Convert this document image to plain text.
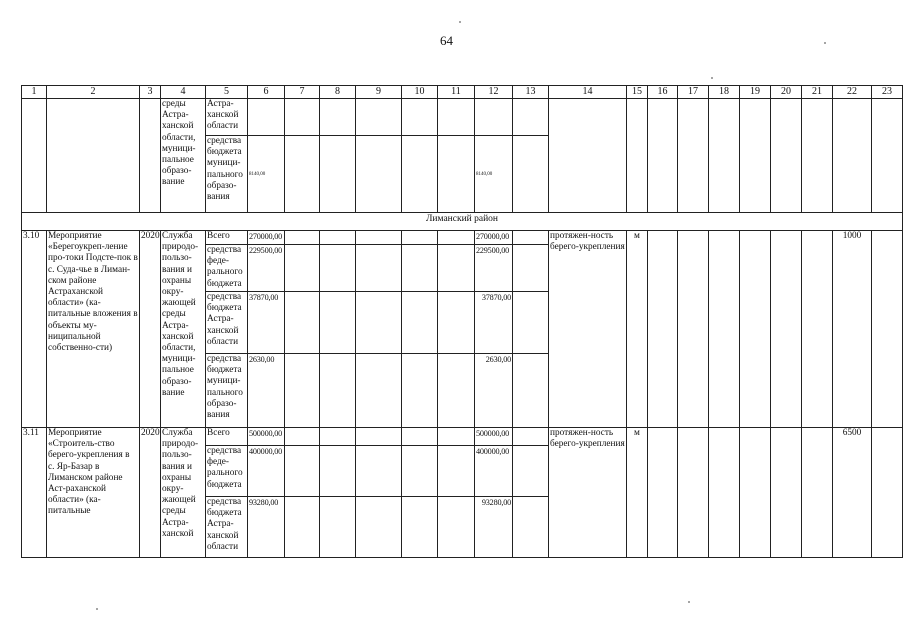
64
1	2	3	4	5	6	7	8	9	10	11	12	13	14	15	16	17	18	19	20	21	22	23
			среды Астра-ханской области, муници-пальное образо-вание	Астра-ханской области																		
				средства бюджета муници-пального образо-вания	8140,00						8140,00											
Лиманский район																						
3.10	Мероприятие «Берегоукреп-ление про-токи Подсте-пок в с. Суда-чье в Лиман-ском районе Астраханской области» (ка-питальные вложения в объекты му-ниципальной собственно-сти)	2020	Служба природо-пользо-вания и охраны окру-жающей среды Астра-ханской области, муници-пальное образо-вание	Всего	270000,00						270000,00		протяжен-ность берего-укрепления	м							1000	
				средства феде-рального бюджета	229500,00						229500,00											
				средства бюджета Астра-ханской области	37870,00						37870,00											
				средства бюджета муници-пального образо-вания	2630,00						2630,00											
3.11	Мероприятие «Строитель-ство берего-укрепления в с. Яр-Базар в Лиманском районе Аст-раханской области» (ка-питальные	2020	Служба природо-пользо-вания и охраны окру-жающей среды Астра-ханской	Всего	500000,00						500000,00		протяжен-ность берего-укрепления	м							6500	
				средства феде-рального бюджета	400000,00						400000,00											
				средства бюджета Астра-ханской области	93280,00						93280,00											
